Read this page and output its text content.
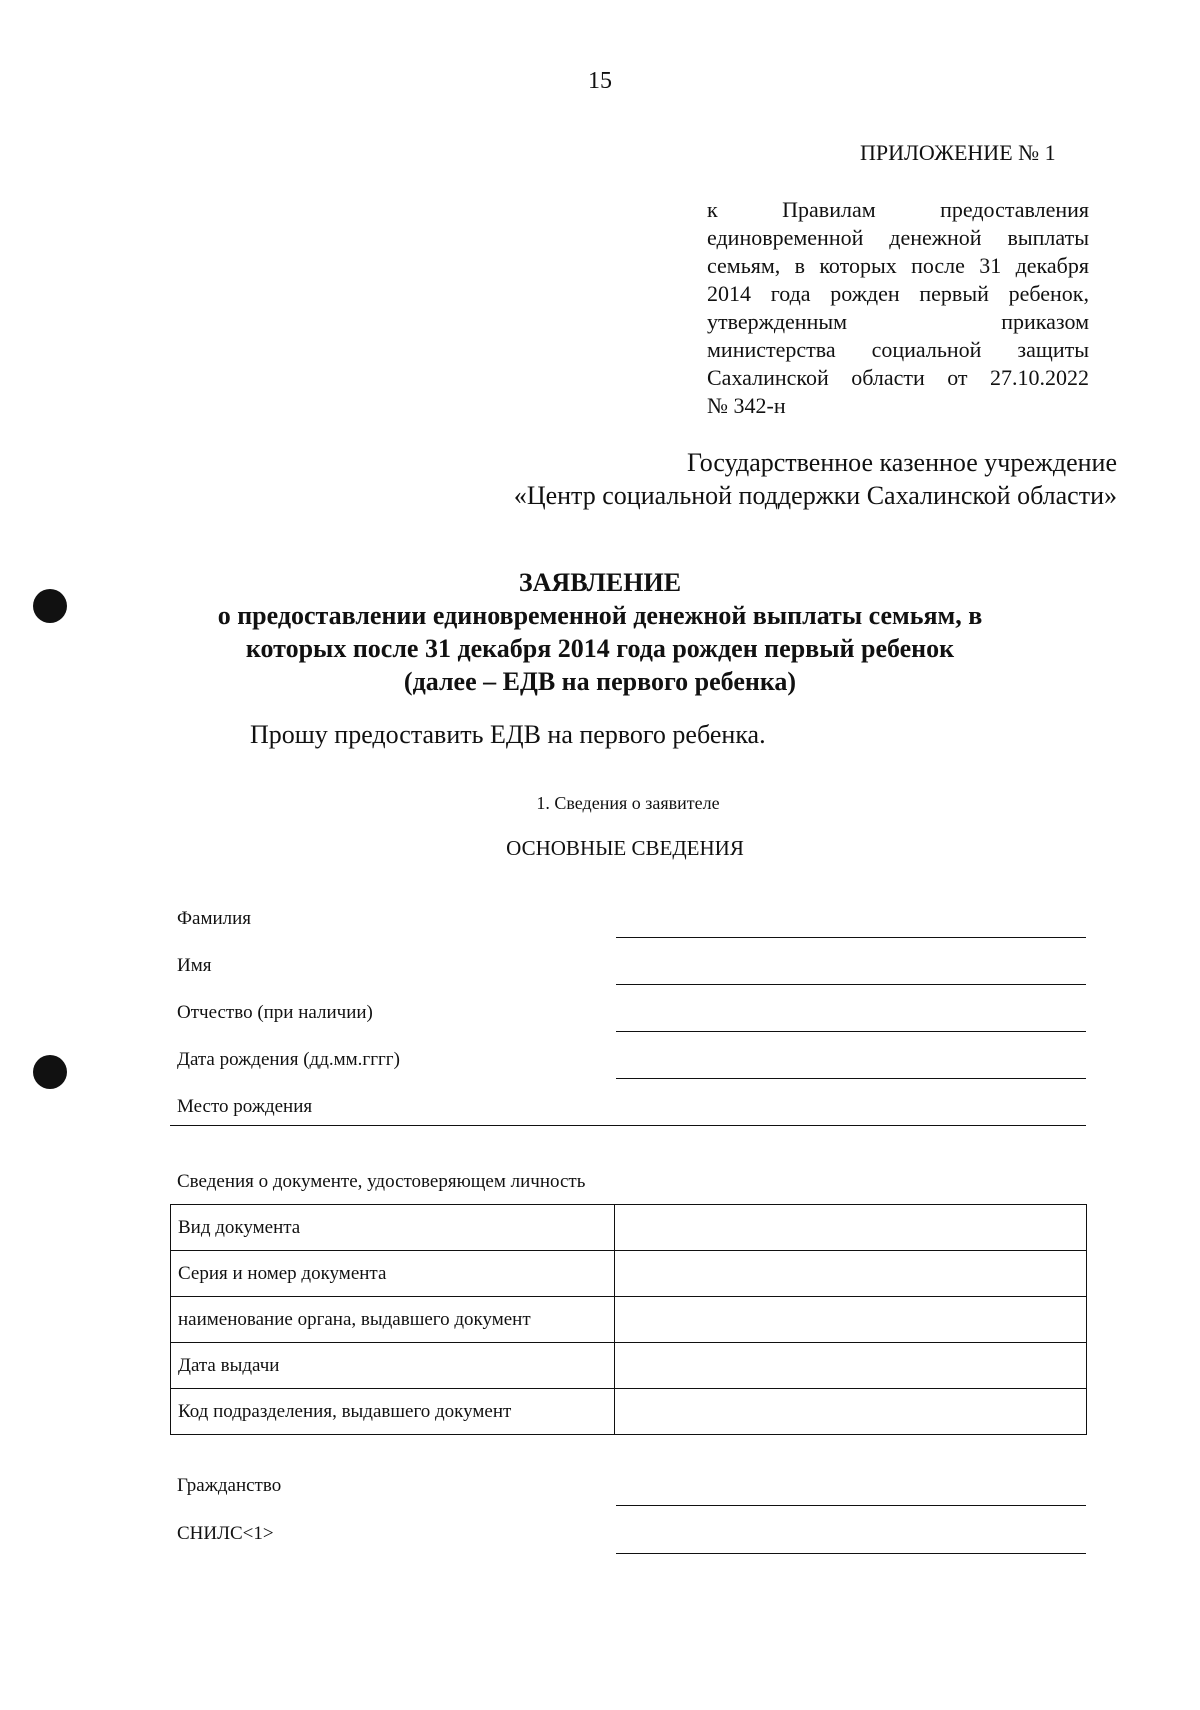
15
ПРИЛОЖЕНИЕ № 1
к Правилам предоставления
единовременной денежной выплаты
семьям, в которых после 31 декабря
2014 года рожден первый ребенок,
утвержденным приказом
министерства социальной защиты
Сахалинской области от 27.10.2022
№ 342-н
Государственное казенное учреждение
«Центр социальной поддержки Сахалинской области»
ЗАЯВЛЕНИЕ
о предоставлении единовременной денежной выплаты семьям, в
которых после 31 декабря 2014 года рожден первый ребенок
(далее – ЕДВ на первого ребенка)
Прошу предоставить ЕДВ на первого ребенка.
1. Сведения о заявителе
ОСНОВНЫЕ СВЕДЕНИЯ
Фамилия
Имя
Отчество (при наличии)
Дата рождения (дд.мм.гггг)
Место рождения
Сведения о документе, удостоверяющем личность
Вид документа	
Серия и номер документа	
наименование органа, выдавшего документ	
Дата выдачи	
Код подразделения, выдавшего документ	
Гражданство
СНИЛС<1>
